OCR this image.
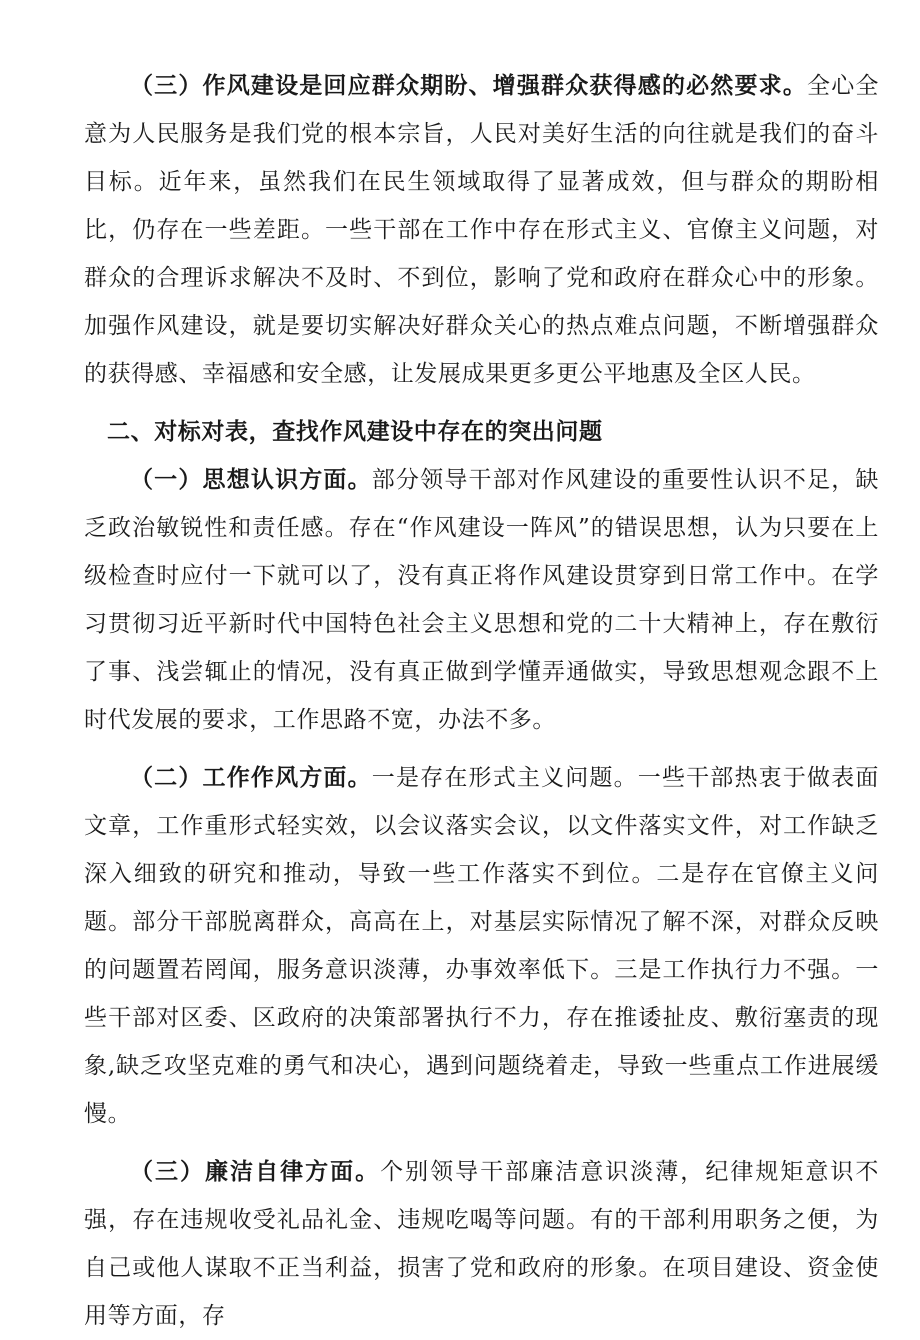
（三）作风建设是回应群众期盼、增强群众获得感的必然要求。全心全意为人民服务是我们党的根本宗旨，人民对美好生活的向往就是我们的奋斗目标。近年来，虽然我们在民生领域取得了显著成效，但与群众的期盼相比，仍存在一些差距。一些干部在工作中存在形式主义、官僚主义问题，对群众的合理诉求解决不及时、不到位，影响了党和政府在群众心中的形象。加强作风建设，就是要切实解决好群众关心的热点难点问题，不断增强群众的获得感、幸福感和安全感，让发展成果更多更公平地惠及全区人民。

二、对标对表，查找作风建设中存在的突出问题

（一）思想认识方面。部分领导干部对作风建设的重要性认识不足，缺乏政治敏锐性和责任感。存在“作风建设一阵风”的错误思想，认为只要在上级检查时应付一下就可以了，没有真正将作风建设贯穿到日常工作中。在学习贯彻习近平新时代中国特色社会主义思想和党的二十大精神上，存在敷衍了事、浅尝辄止的情况，没有真正做到学懂弄通做实，导致思想观念跟不上时代发展的要求，工作思路不宽，办法不多。

（二）工作作风方面。一是存在形式主义问题。一些干部热衷于做表面文章，工作重形式轻实效，以会议落实会议，以文件落实文件，对工作缺乏深入细致的研究和推动，导致一些工作落实不到位。二是存在官僚主义问题。部分干部脱离群众，高高在上，对基层实际情况了解不深，对群众反映的问题置若罔闻，服务意识淡薄，办事效率低下。三是工作执行力不强。一些干部对区委、区政府的决策部署执行不力，存在推诿扯皮、敷衍塞责的现象,缺乏攻坚克难的勇气和决心，遇到问题绕着走，导致一些重点工作进展缓慢。

（三）廉洁自律方面。个别领导干部廉洁意识淡薄，纪律规矩意识不强，存在违规收受礼品礼金、违规吃喝等问题。有的干部利用职务之便，为自己或他人谋取不正当利益，损害了党和政府的形象。在项目建设、资金使用等方面，存
